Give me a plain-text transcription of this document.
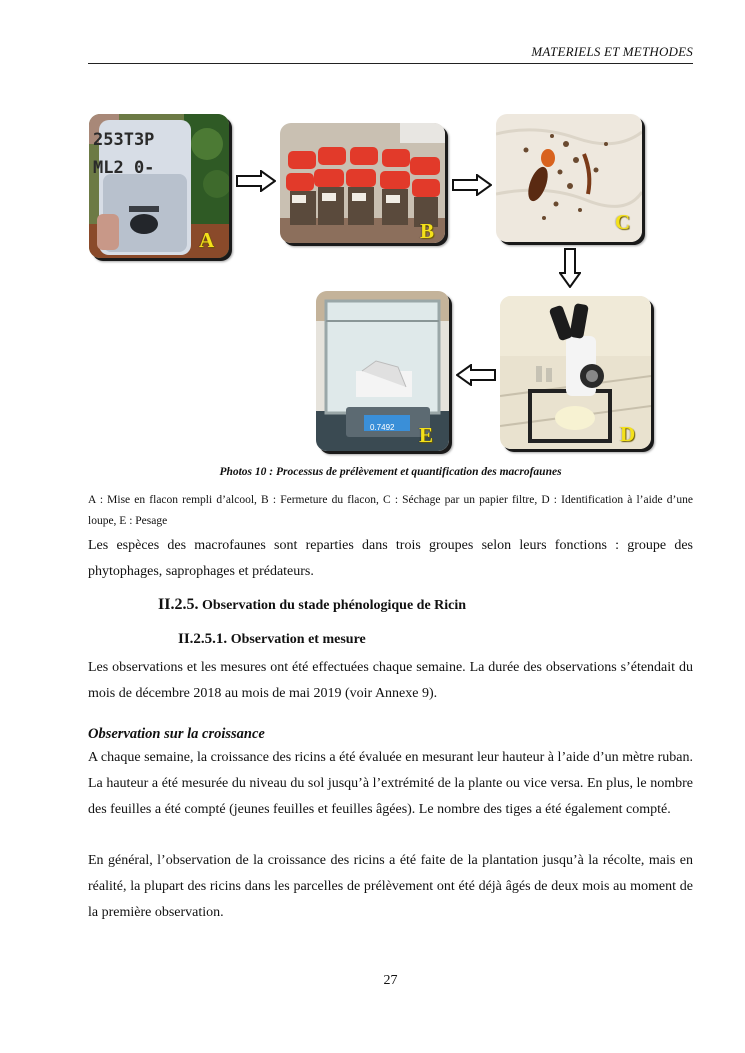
MATERIELS ET METHODES
253T3P
ML2 0-
A	B	C
0.7492 E	D
Photos 10 : Processus de prélèvement et quantification des macrofaunes
A : Mise en flacon rempli d’alcool, B : Fermeture du flacon, C : Séchage par un papier filtre, D : Identification à l’aide d’une loupe, E : Pesage
Les espèces des macrofaunes sont reparties dans trois groupes selon leurs fonctions : groupe des phytophages, saprophages et prédateurs.
II.2.5. Observation du stade phénologique de Ricin
II.2.5.1. Observation et mesure
Les observations et les mesures ont été effectuées chaque semaine. La durée des observations s’étendait du mois de décembre 2018 au mois de mai 2019 (voir Annexe 9).
Observation sur la croissance
A chaque semaine, la croissance des ricins a été évaluée en mesurant leur hauteur à l’aide d’un mètre ruban. La hauteur a été mesurée du niveau du sol jusqu’à l’extrémité de la plante ou vice versa. En plus, le nombre des feuilles a été compté (jeunes feuilles et feuilles âgées). Le nombre des tiges a été également compté.
En général, l’observation de la croissance des ricins a été faite de la plantation jusqu’à la récolte, mais en réalité, la plupart des ricins dans les parcelles de prélèvement ont été déjà âgés de deux mois au moment de la première observation.
27
